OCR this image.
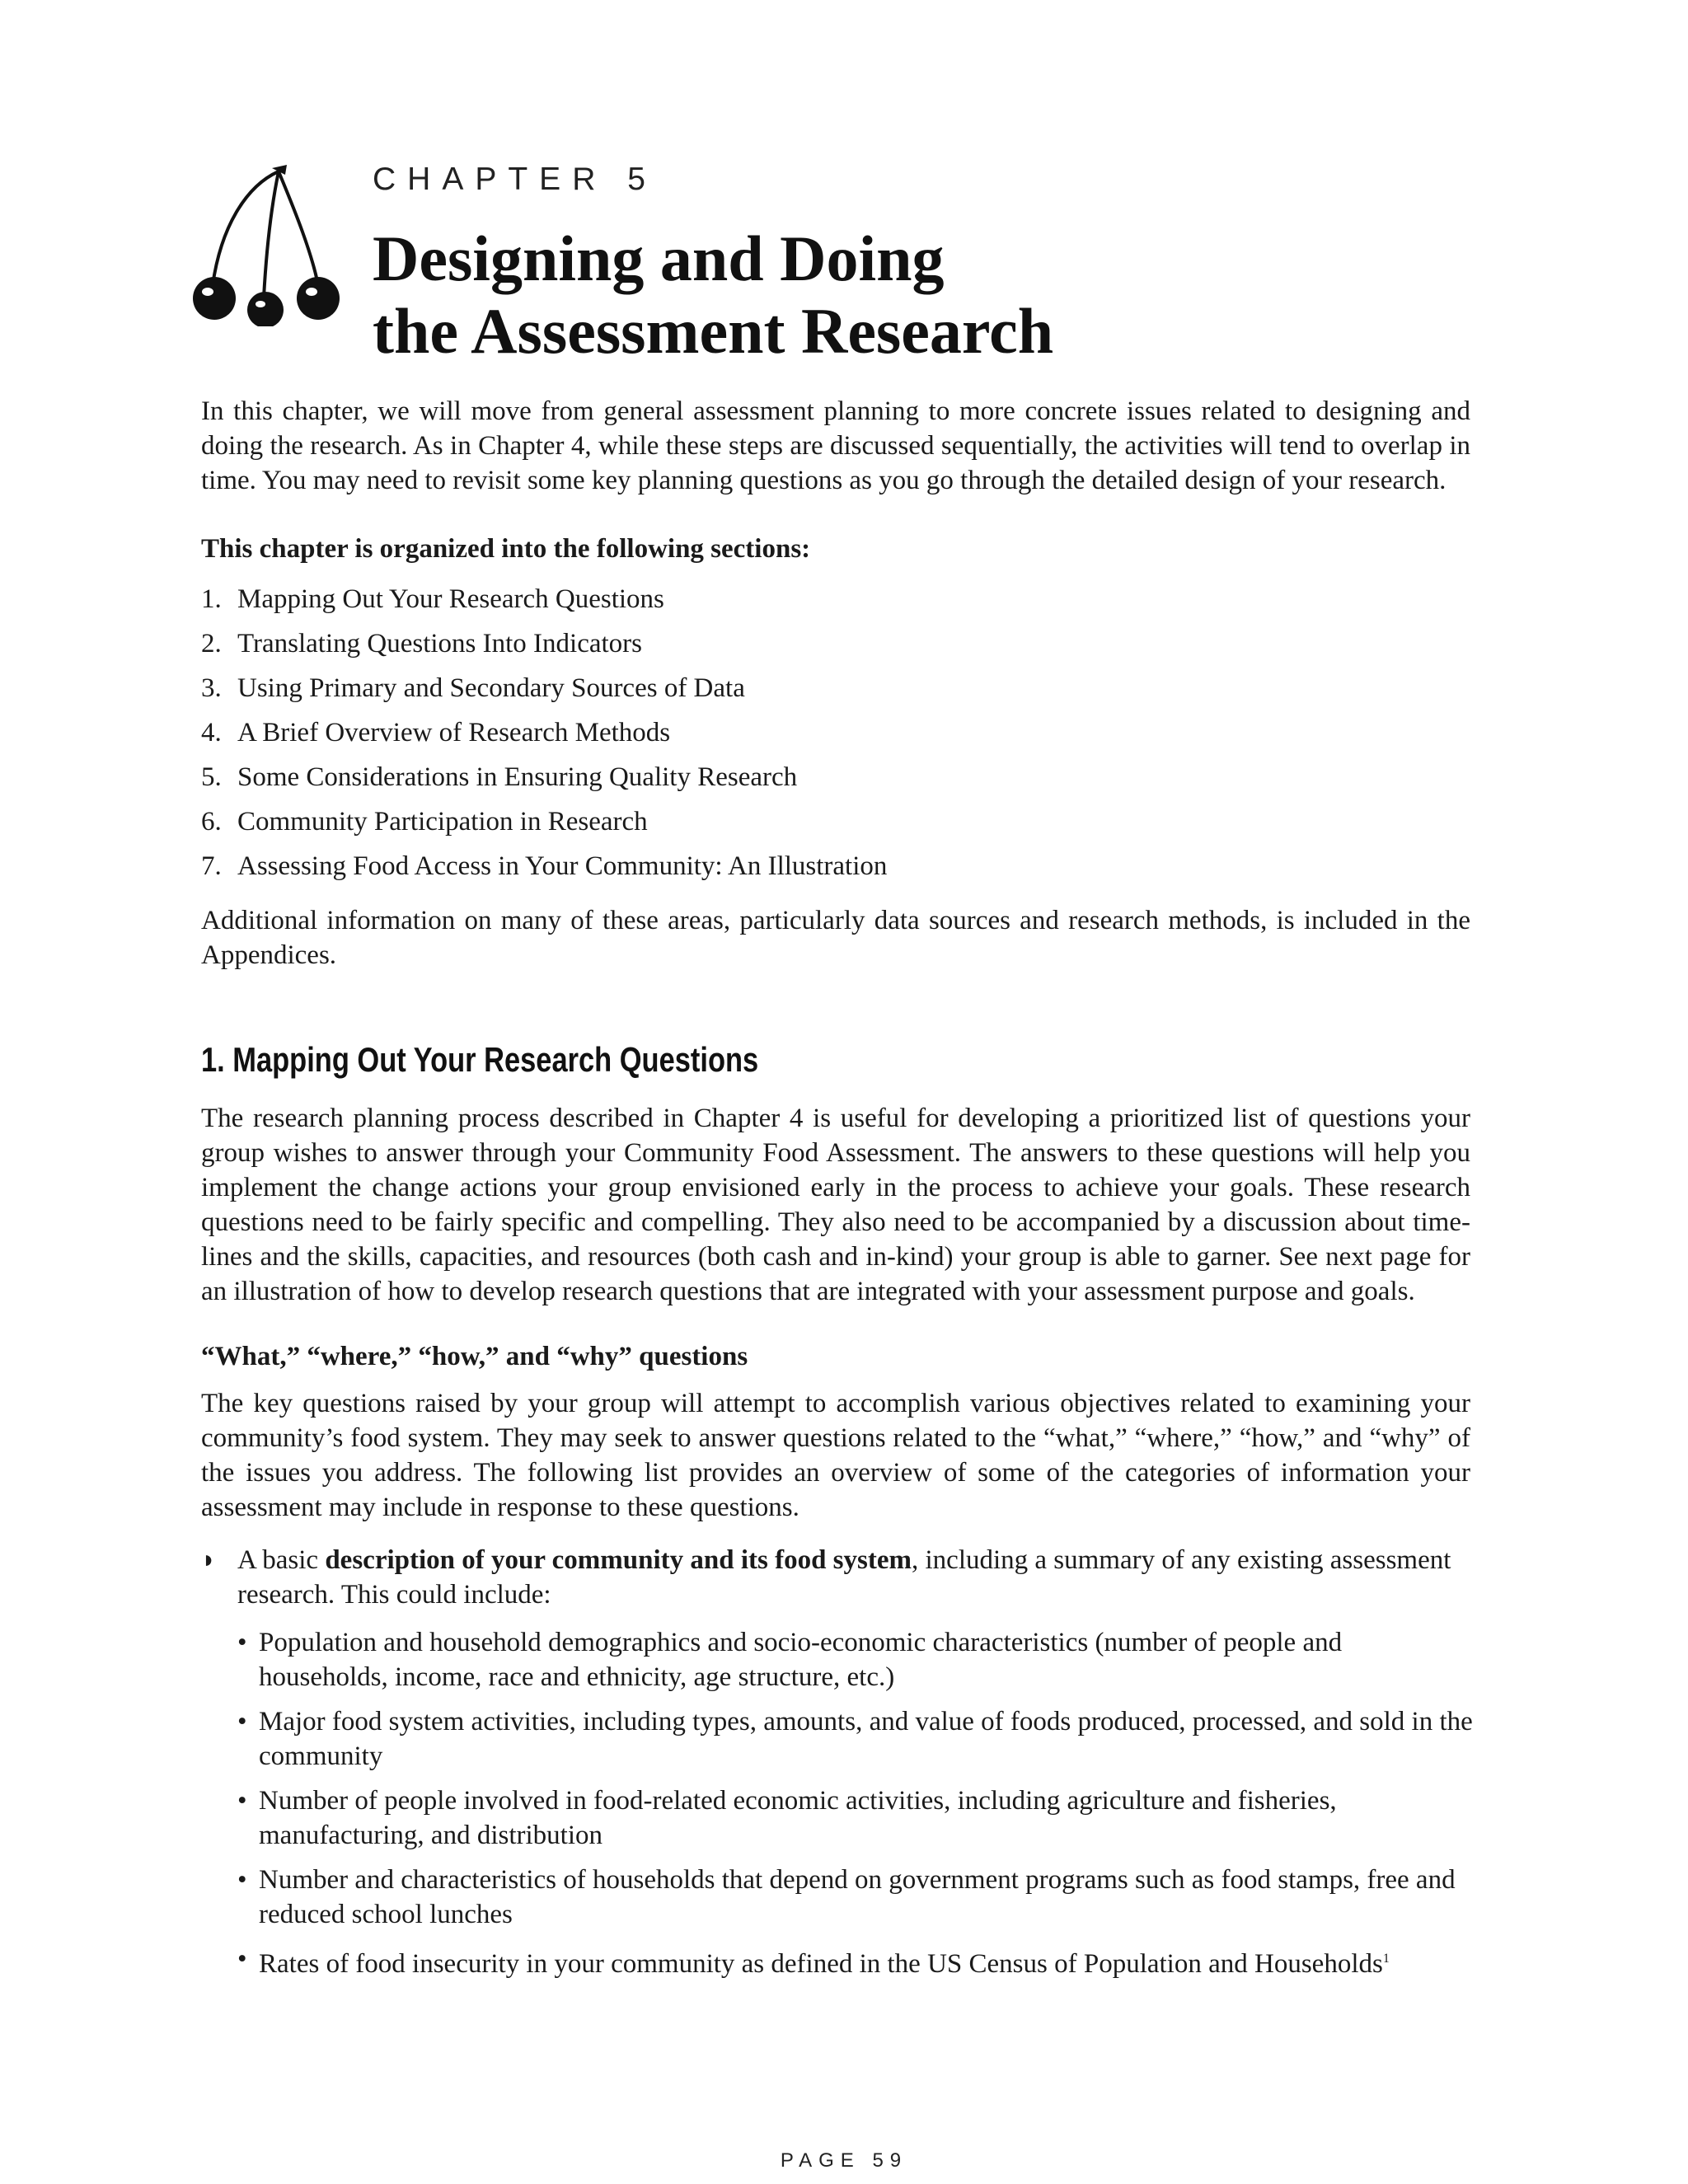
CHAPTER 5
Designing and Doing
the Assessment Research
In this chapter, we will move from general assessment planning to more concrete issues related to designing and doing the research. As in Chapter 4, while these steps are discussed sequentially, the activities will tend to overlap in time. You may need to revisit some key planning questions as you go through the detailed design of your research.
This chapter is organized into the following sections:
1. Mapping Out Your Research Questions
2. Translating Questions Into Indicators
3. Using Primary and Secondary Sources of Data
4. A Brief Overview of Research Methods
5. Some Considerations in Ensuring Quality Research
6. Community Participation in Research
7. Assessing Food Access in Your Community: An Illustration
Additional information on many of these areas, particularly data sources and research methods, is included in the Appendices.
1. Mapping Out Your Research Questions
The research planning process described in Chapter 4 is useful for developing a prioritized list of questions your group wishes to answer through your Community Food Assessment. The answers to these questions will help you implement the change actions your group envisioned early in the process to achieve your goals. These research questions need to be fairly specific and compelling. They also need to be accompanied by a discussion about time-lines and the skills, capacities, and resources (both cash and in-kind) your group is able to garner. See next page for an illustration of how to develop research questions that are integrated with your assessment purpose and goals.
“What,” “where,” “how,” and “why” questions
The key questions raised by your group will attempt to accomplish various objectives related to examining your community’s food system. They may seek to answer questions related to the “what,” “where,” “how,” and “why” of the issues you address. The following list provides an overview of some of the categories of information your assessment may include in response to these questions.
◗ A basic description of your community and its food system, including a summary of any existing assessment research. This could include:
• Population and household demographics and socio-economic characteristics (number of people and households, income, race and ethnicity, age structure, etc.)
• Major food system activities, including types, amounts, and value of foods produced, processed, and sold in the community
• Number of people involved in food-related economic activities, including agriculture and fisheries, manufacturing, and distribution
• Number and characteristics of households that depend on government programs such as food stamps, free and reduced school lunches
• Rates of food insecurity in your community as defined in the US Census of Population and Households$^1$
PAGE 59
